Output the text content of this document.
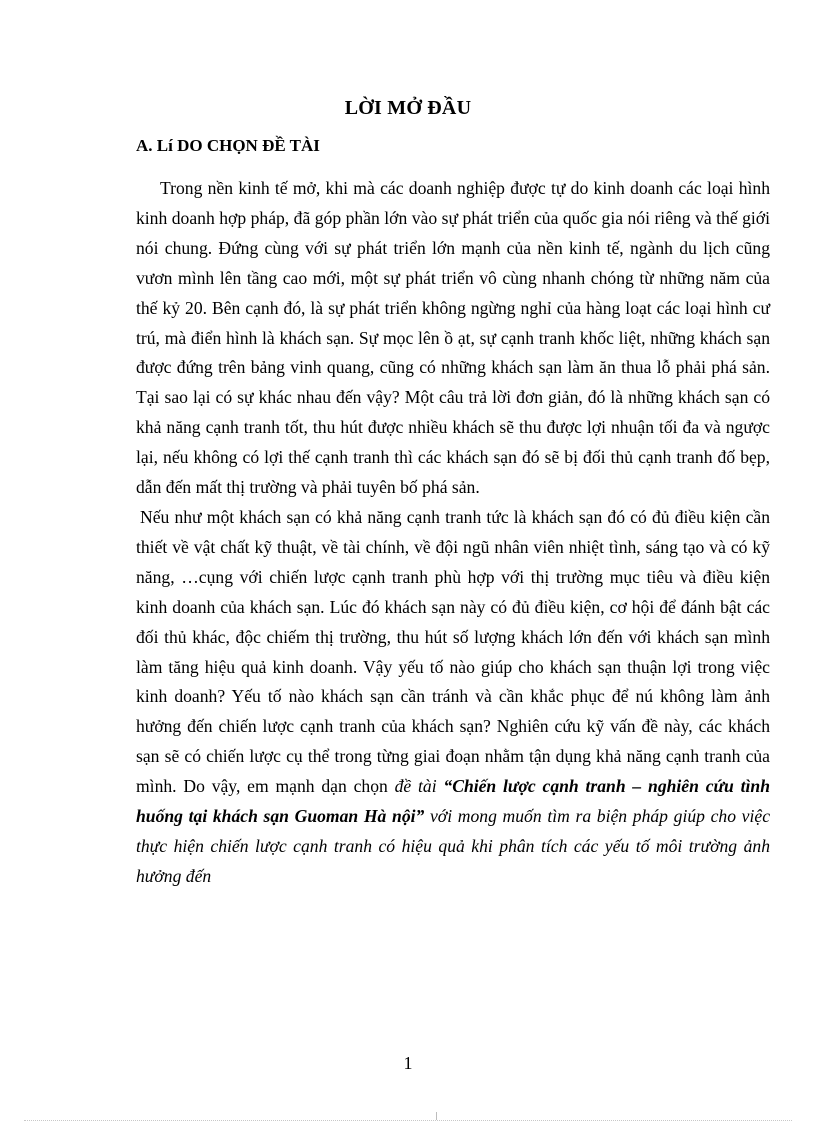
LỜI MỞ ĐẦU
A. Lí DO CHỌN ĐỀ TÀI

Trong nền kinh tế mở, khi mà các doanh nghiệp được tự do kinh doanh các loại hình kinh doanh hợp pháp, đã góp phần lớn vào sự phát triển của quốc gia nói riêng và thế giới nói chung. Đứng cùng với sự phát triển lớn mạnh của nền kinh tế, ngành du lịch cũng vươn mình lên tầng cao mới, một sự phát triển vô cùng nhanh chóng từ những năm của thế kỷ 20. Bên cạnh đó, là sự phát triển không ngừng nghỉ của hàng loạt các loại hình cư trú, mà điển hình là khách sạn. Sự mọc lên ồ ạt, sự cạnh tranh khốc liệt, những khách sạn được đứng trên bảng vinh quang, cũng có những khách sạn làm ăn thua lỗ phải phá sản. Tại sao lại có sự khác nhau đến vậy? Một câu trả lời đơn giản, đó là những khách sạn có khả năng cạnh tranh tốt, thu hút được nhiều khách sẽ thu được lợi nhuận tối đa và ngược lại, nếu không có lợi thế cạnh tranh thì các khách sạn đó sẽ bị đối thủ cạnh tranh đố bẹp, dẫn đến mất thị trường và phải tuyên bố phá sản.

Nếu như một khách sạn có khả năng cạnh tranh tức là khách sạn đó có đủ điều kiện cần thiết về vật chất kỹ thuật, về tài chính, về đội ngũ nhân viên nhiệt tình, sáng tạo và có kỹ năng, …cụng với chiến lược cạnh tranh phù hợp với thị trường mục tiêu và điều kiện kinh doanh của khách sạn. Lúc đó khách sạn này có đủ điều kiện, cơ hội để đánh bật các đối thủ khác, độc chiếm thị trường, thu hút số lượng khách lớn đến với khách sạn mình làm tăng hiệu quả kinh doanh. Vậy yếu tố nào giúp cho khách sạn thuận lợi trong việc kinh doanh? Yếu tố nào khách sạn cần tránh và cần khắc phục để nú không làm ảnh hưởng đến chiến lược cạnh tranh của khách sạn? Nghiên cứu kỹ vấn đề này, các khách sạn sẽ có chiến lược cụ thể trong từng giai đoạn nhằm tận dụng khả năng cạnh tranh của mình. Do vậy, em mạnh dạn chọn đề tài “Chiến lược cạnh tranh – nghiên cứu tình huống tại khách sạn Guoman Hà nội” với mong muốn tìm ra biện pháp giúp cho việc thực hiện chiến lược cạnh tranh có hiệu quả khi phân tích các yếu tố môi trường ảnh hưởng đến

1
